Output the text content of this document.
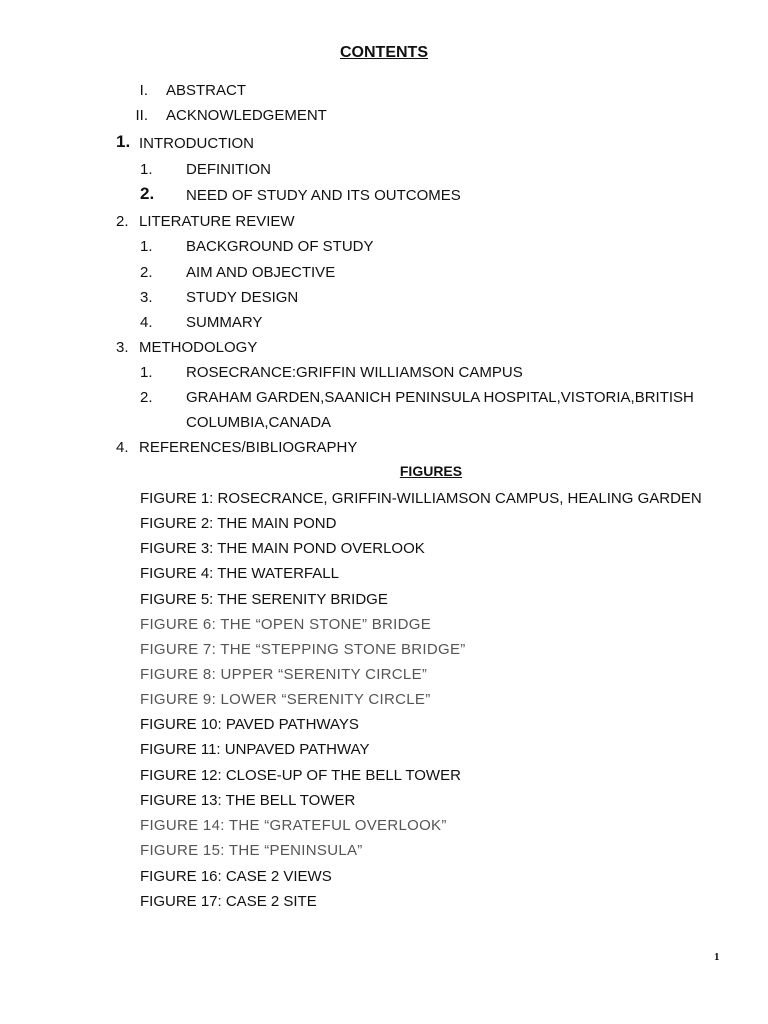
CONTENTS
I. ABSTRACT
II. ACKNOWLEDGEMENT
1. INTRODUCTION
1. DEFINITION
2. NEED OF STUDY AND ITS OUTCOMES
2. LITERATURE REVIEW
1. BACKGROUND OF STUDY
2. AIM AND OBJECTIVE
3. STUDY DESIGN
4. SUMMARY
3. METHODOLOGY
1. ROSECRANCE:GRIFFIN WILLIAMSON CAMPUS
2. GRAHAM GARDEN,SAANICH PENINSULA HOSPITAL,VISTORIA,BRITISH
COLUMBIA,CANADA
4. REFERENCES/BIBLIOGRAPHY
FIGURES
FIGURE 1: ROSECRANCE, GRIFFIN-WILLIAMSON CAMPUS, HEALING GARDEN
FIGURE 2: THE MAIN POND
FIGURE 3: THE MAIN POND OVERLOOK
FIGURE 4: THE WATERFALL
FIGURE 5: THE SERENITY BRIDGE
FIGURE 6: THE “OPEN STONE” BRIDGE
FIGURE 7: THE “STEPPING STONE BRIDGE”
FIGURE 8: UPPER “SERENITY CIRCLE”
FIGURE 9: LOWER “SERENITY CIRCLE”
FIGURE 10: PAVED PATHWAYS
FIGURE 11: UNPAVED PATHWAY
FIGURE 12: CLOSE-UP OF THE BELL TOWER
FIGURE 13: THE BELL TOWER
FIGURE 14: THE “GRATEFUL OVERLOOK”
FIGURE 15: THE “PENINSULA”
FIGURE 16: CASE 2 VIEWS
FIGURE 17: CASE 2 SITE
1
